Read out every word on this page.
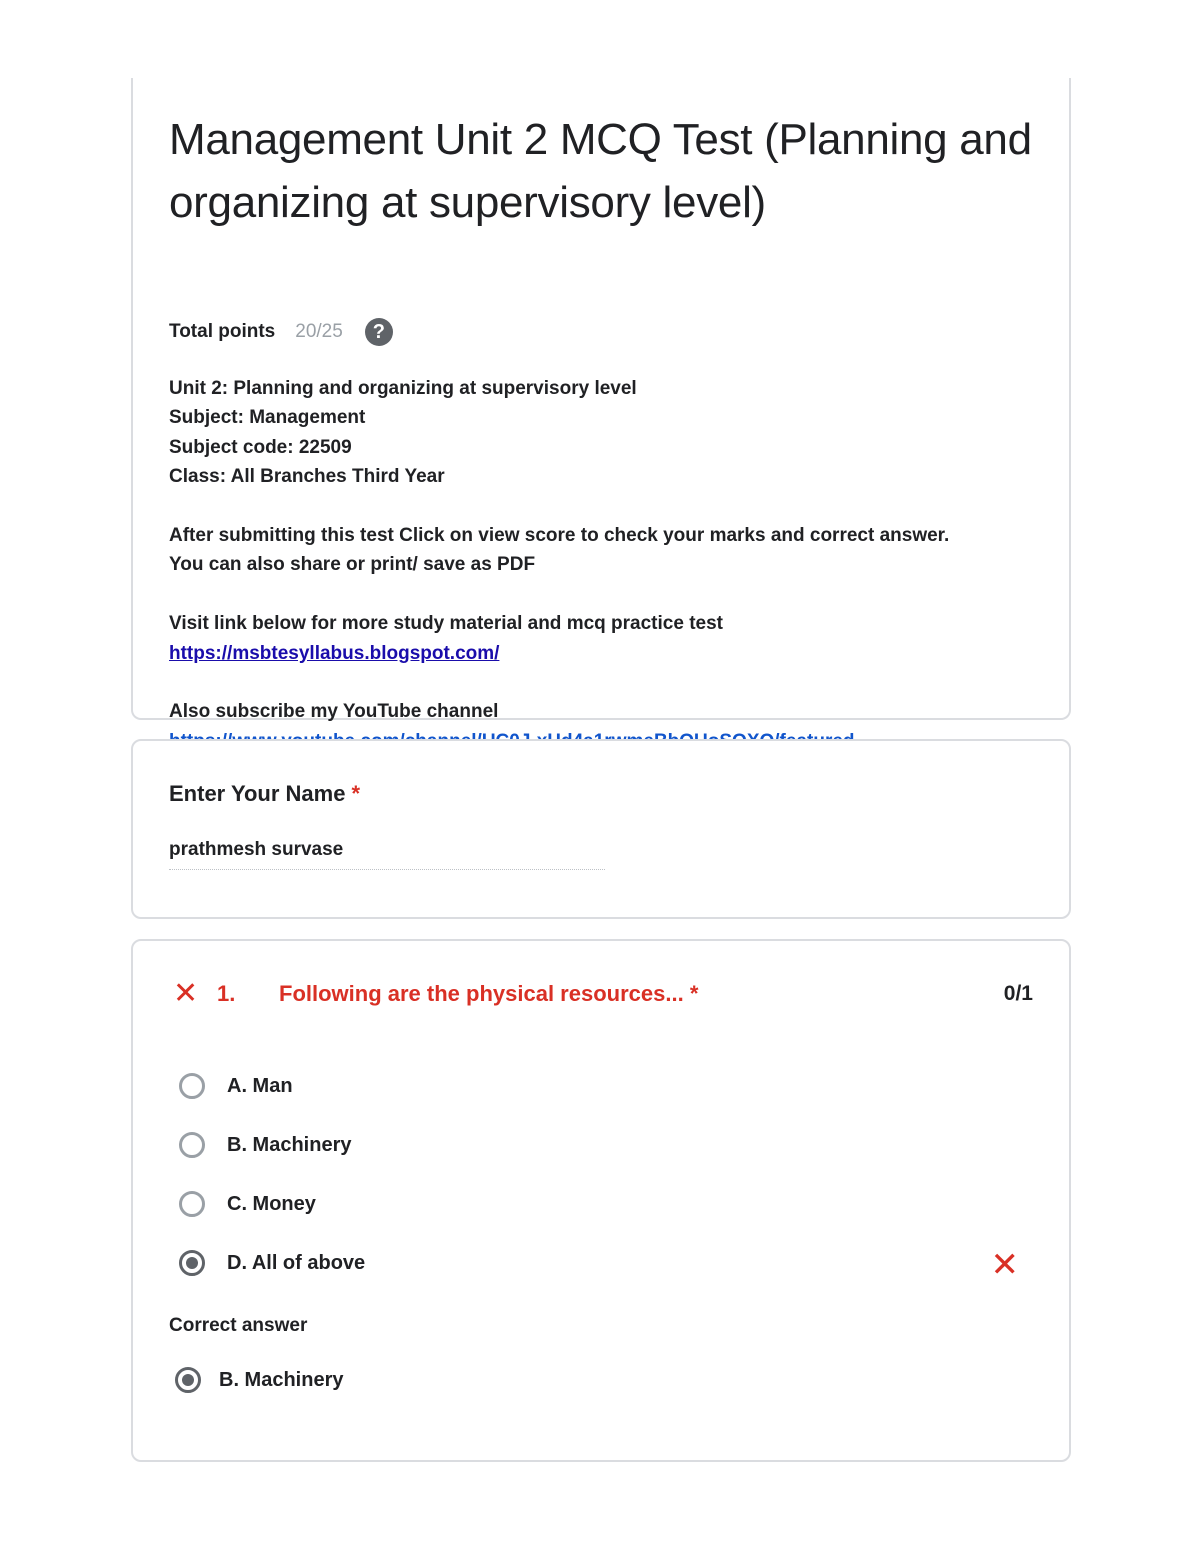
Management Unit 2 MCQ Test (Planning and organizing at supervisory level)
Total points 20/25	?
Unit 2: Planning and organizing at supervisory level
Subject: Management
Subject code: 22509
Class: All Branches Third Year
After submitting this test Click on view score to check your marks and correct answer.
You can also share or print/ save as PDF
Visit link below for more study material and mcq practice test
https://msbtesyllabus.blogspot.com/
Also subscribe my YouTube channel
Enter Your Name *
prathmesh survase
✕ 1.	Following are the physical resources... *	0/1
A. Man
B. Machinery
C. Money
D. All of above	✕
Correct answer
B. Machinery
